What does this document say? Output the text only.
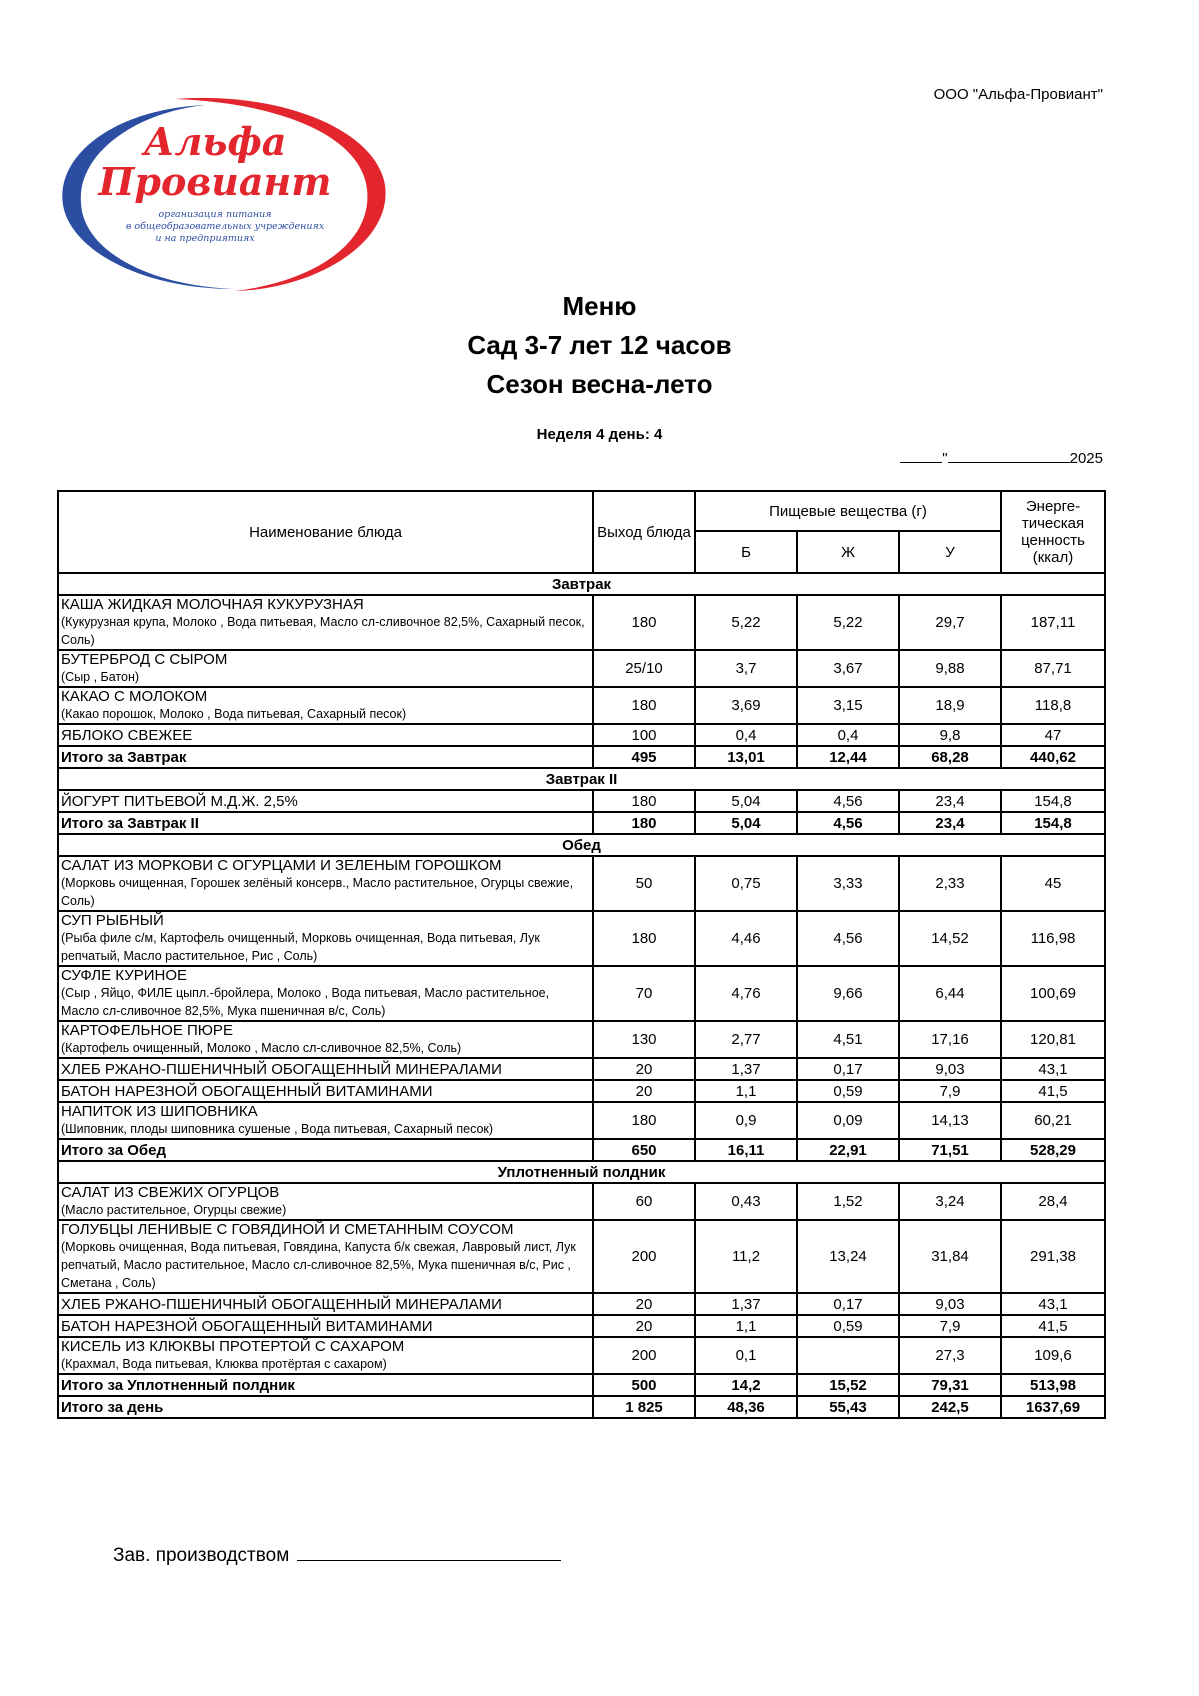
ООО "Альфа-Провиант"
Альфа
Провиант
организация питания
в общеобразовательных учреждениях
и на предприятиях
Меню
Сад 3-7 лет 12 часов
Сезон весна-лето
Неделя 4 день: 4
"	2025
Наименование блюда	Выход блюда	Пищевые вещества (г)			Энерге-тическая ценность (ккал)
		Б	Ж	У	
Завтрак					

КАША ЖИДКАЯ МОЛОЧНАЯ КУКУРУЗНАЯ
(Кукурузная крупа, Молоко , Вода питьевая, Масло сл-сливочное 82,5%, Сахарный песок, Соль)	180	5,22	5,22	29,7	187,11

БУТЕРБРОД С СЫРОМ
(Сыр , Батон)	25/10	3,7	3,67	9,88	87,71

КАКАО С МОЛОКОМ
(Какао порошок, Молоко , Вода питьевая, Сахарный песок)	180	3,69	3,15	18,9	118,8

ЯБЛОКО СВЕЖЕЕ	100	0,4	0,4	9,8	47
Итого за Завтрак	495	13,01	12,44	68,28	440,62
Завтрак II					

ЙОГУРТ ПИТЬЕВОЙ М.Д.Ж. 2,5%	180	5,04	4,56	23,4	154,8
Итого за Завтрак II	180	5,04	4,56	23,4	154,8
Обед					

САЛАТ ИЗ МОРКОВИ С ОГУРЦАМИ И ЗЕЛЕНЫМ ГОРОШКОМ
(Морковь очищенная, Горошек зелёный консерв., Масло растительное, Огурцы свежие, Соль)	50	0,75	3,33	2,33	45

СУП РЫБНЫЙ
(Рыба филе с/м, Картофель очищенный, Морковь очищенная, Вода питьевая, Лук репчатый, Масло растительное, Рис , Соль)	180	4,46	4,56	14,52	116,98

СУФЛЕ КУРИНОЕ
(Сыр , Яйцо, ФИЛЕ цыпл.-бройлера, Молоко , Вода питьевая, Масло растительное, Масло сл-сливочное 82,5%, Мука пшеничная в/с, Соль)	70	4,76	9,66	6,44	100,69

КАРТОФЕЛЬНОЕ ПЮРЕ
(Картофель очищенный, Молоко , Масло сл-сливочное 82,5%, Соль)	130	2,77	4,51	17,16	120,81

ХЛЕБ РЖАНО-ПШЕНИЧНЫЙ ОБОГАЩЕННЫЙ МИНЕРАЛАМИ	20	1,37	0,17	9,03	43,1

БАТОН НАРЕЗНОЙ ОБОГАЩЕННЫЙ ВИТАМИНАМИ	20	1,1	0,59	7,9	41,5

НАПИТОК ИЗ ШИПОВНИКА
(Шиповник, плоды шиповника сушеные , Вода питьевая, Сахарный песок)	180	0,9	0,09	14,13	60,21
Итого за Обед	650	16,11	22,91	71,51	528,29
Уплотненный полдник					

САЛАТ ИЗ СВЕЖИХ ОГУРЦОВ
(Масло растительное, Огурцы свежие)	60	0,43	1,52	3,24	28,4

ГОЛУБЦЫ ЛЕНИВЫЕ С ГОВЯДИНОЙ И СМЕТАННЫМ СОУСОМ
(Морковь очищенная, Вода питьевая, Говядина, Капуста б/к свежая, Лавровый лист, Лук репчатый, Масло растительное, Масло сл-сливочное 82,5%, Мука пшеничная в/с, Рис , Сметана , Соль)	200	11,2	13,24	31,84	291,38

ХЛЕБ РЖАНО-ПШЕНИЧНЫЙ ОБОГАЩЕННЫЙ МИНЕРАЛАМИ	20	1,37	0,17	9,03	43,1

БАТОН НАРЕЗНОЙ ОБОГАЩЕННЫЙ ВИТАМИНАМИ	20	1,1	0,59	7,9	41,5

КИСЕЛЬ ИЗ КЛЮКВЫ ПРОТЕРТОЙ С САХАРОМ
(Крахмал, Вода питьевая, Клюква протёртая с сахаром)	200	0,1		27,3	109,6
Итого за Уплотненный полдник	500	14,2	15,52	79,31	513,98
Итого за день	1 825	48,36	55,43	242,5	1637,69
Зав. производством
